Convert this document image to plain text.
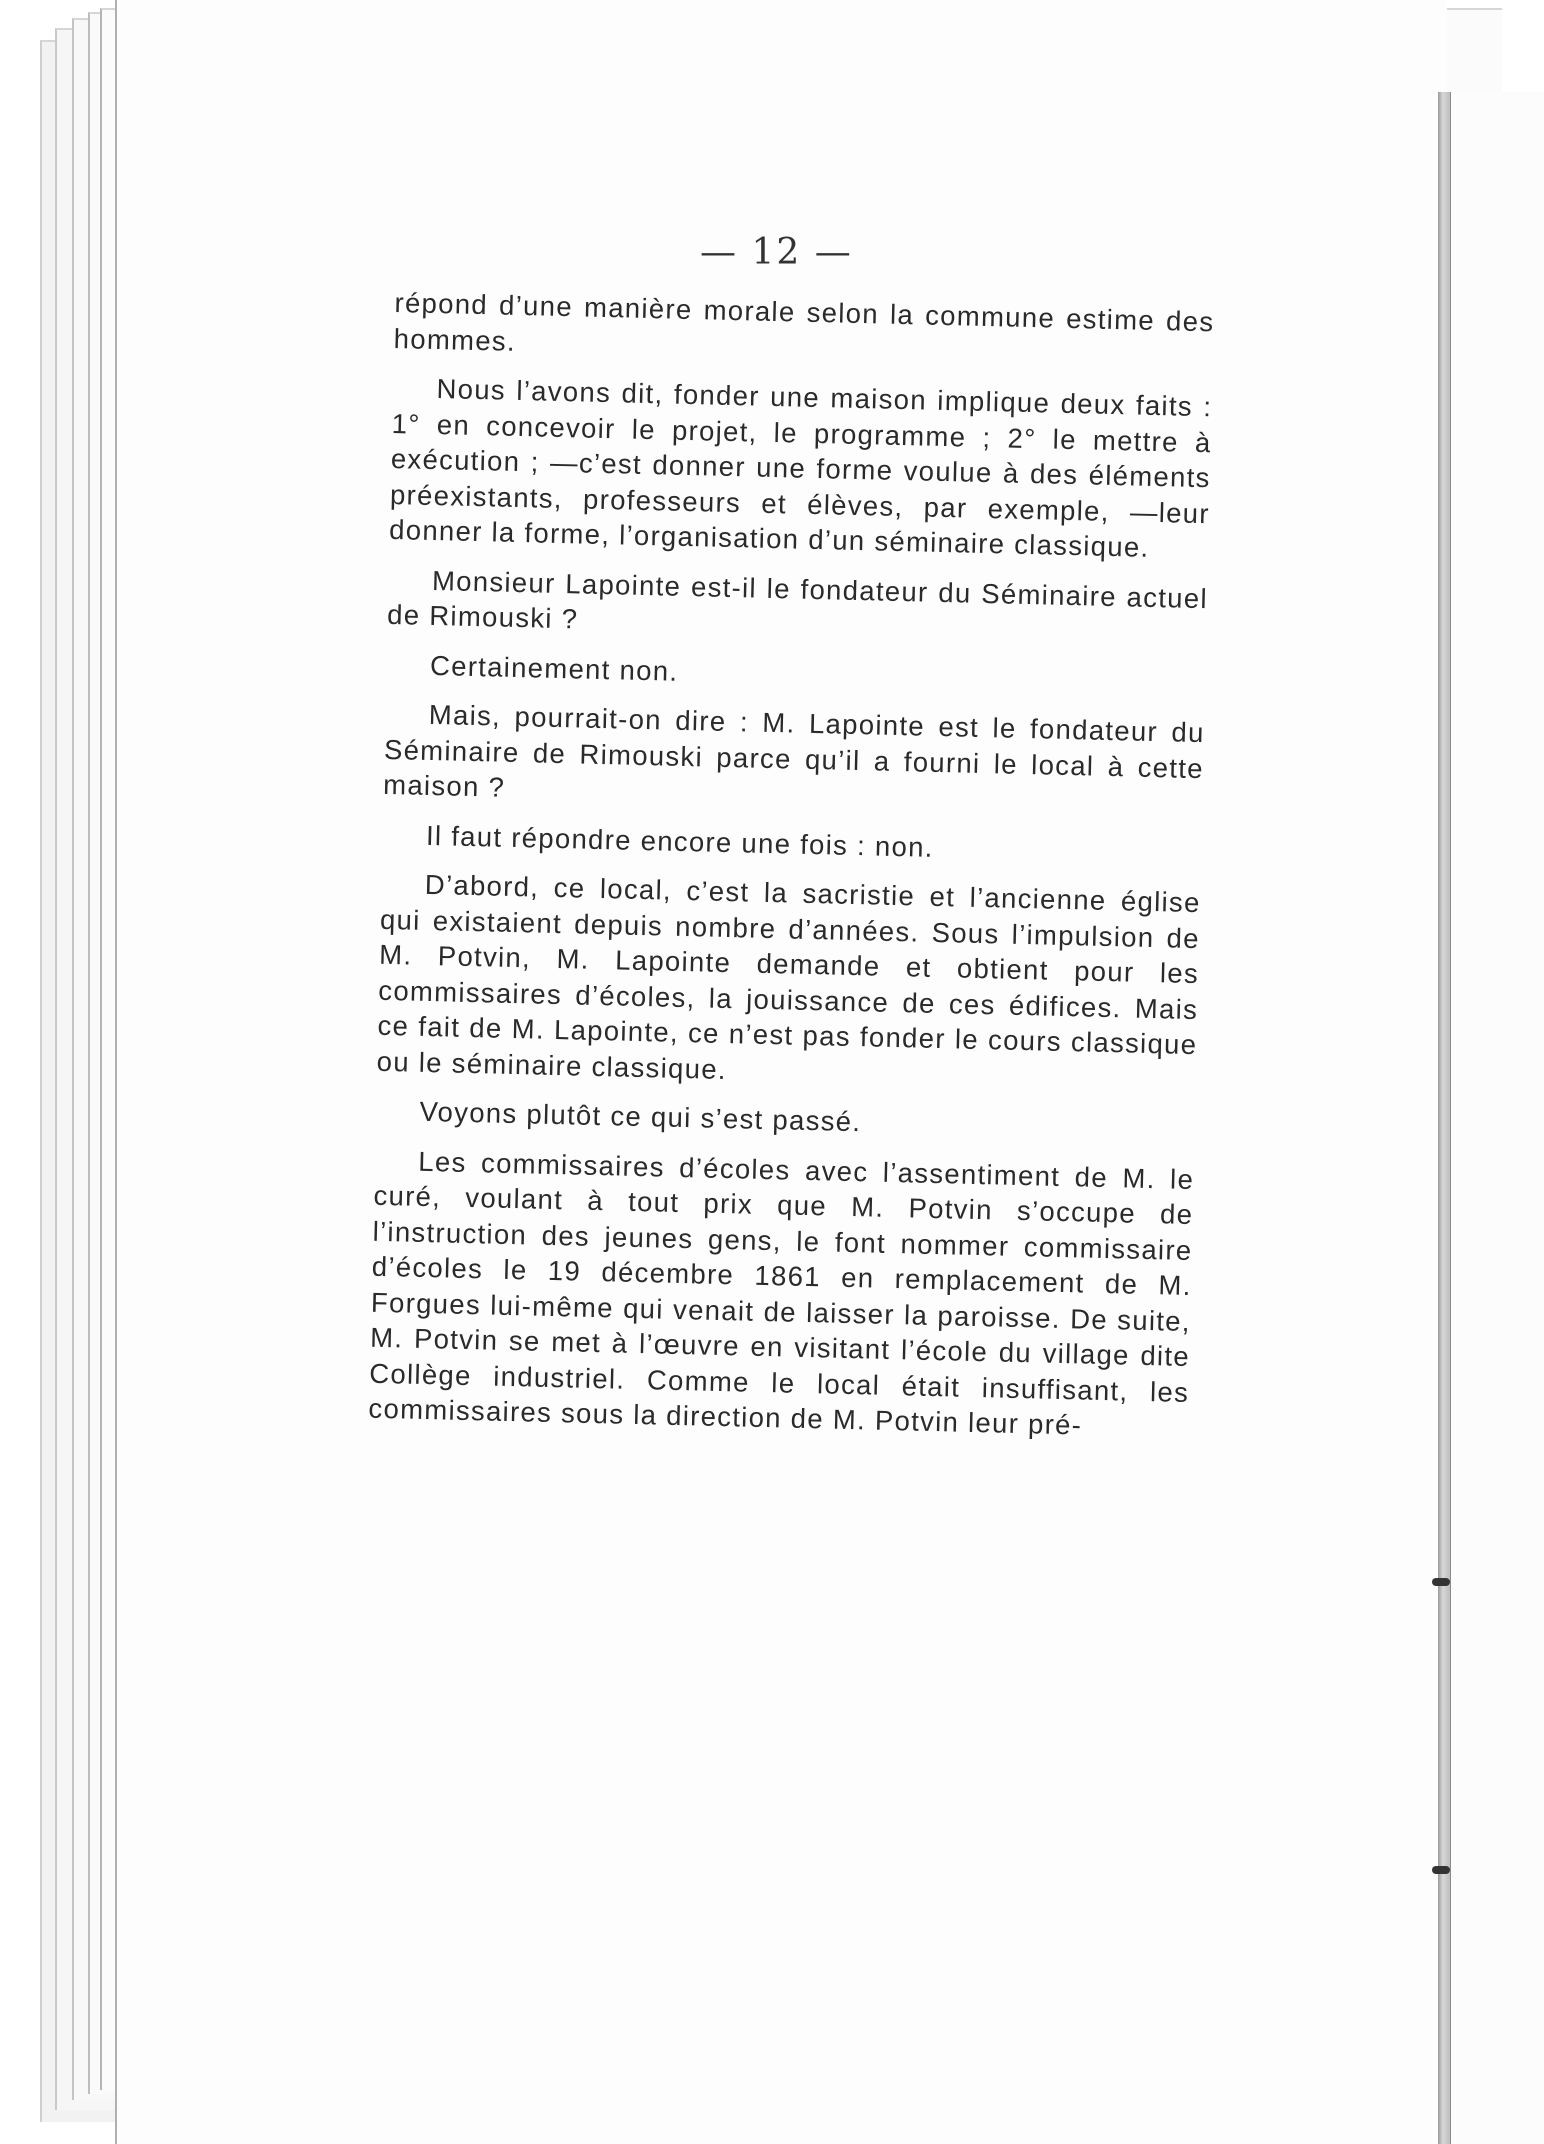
— 12 —

répond d’une manière morale selon la commune estime des hommes.

Nous l’avons dit, fonder une maison implique deux faits : 1° en concevoir le projet, le programme ; 2° le mettre à exécution ; —c’est donner une forme voulue à des éléments préexistants, professeurs et élèves, par exemple, —leur donner la forme, l’organisation d’un séminaire classique.

Monsieur Lapointe est-il le fondateur du Séminaire actuel de Rimouski ?

Certainement non.

Mais, pourrait-on dire : M. Lapointe est le fondateur du Séminaire de Rimouski parce qu’il a fourni le local à cette maison ?

Il faut répondre encore une fois : non.

D’abord, ce local, c’est la sacristie et l’ancienne église qui existaient depuis nombre d’années. Sous l’impulsion de M. Potvin, M. Lapointe demande et obtient pour les commissaires d’écoles, la jouissance de ces édifices. Mais ce fait de M. Lapointe, ce n’est pas fonder le cours classique ou le séminaire classique.

Voyons plutôt ce qui s’est passé.

Les commissaires d’écoles avec l’assentiment de M. le curé, voulant à tout prix que M. Potvin s’occupe de l’instruction des jeunes gens, le font nommer commissaire d’écoles le 19 décembre 1861 en remplacement de M. Forgues lui-même qui venait de laisser la paroisse. De suite, M. Potvin se met à l’œuvre en visitant l’école du village dite Collège industriel. Comme le local était insuffisant, les commissaires sous la direction de M. Potvin leur pré-
